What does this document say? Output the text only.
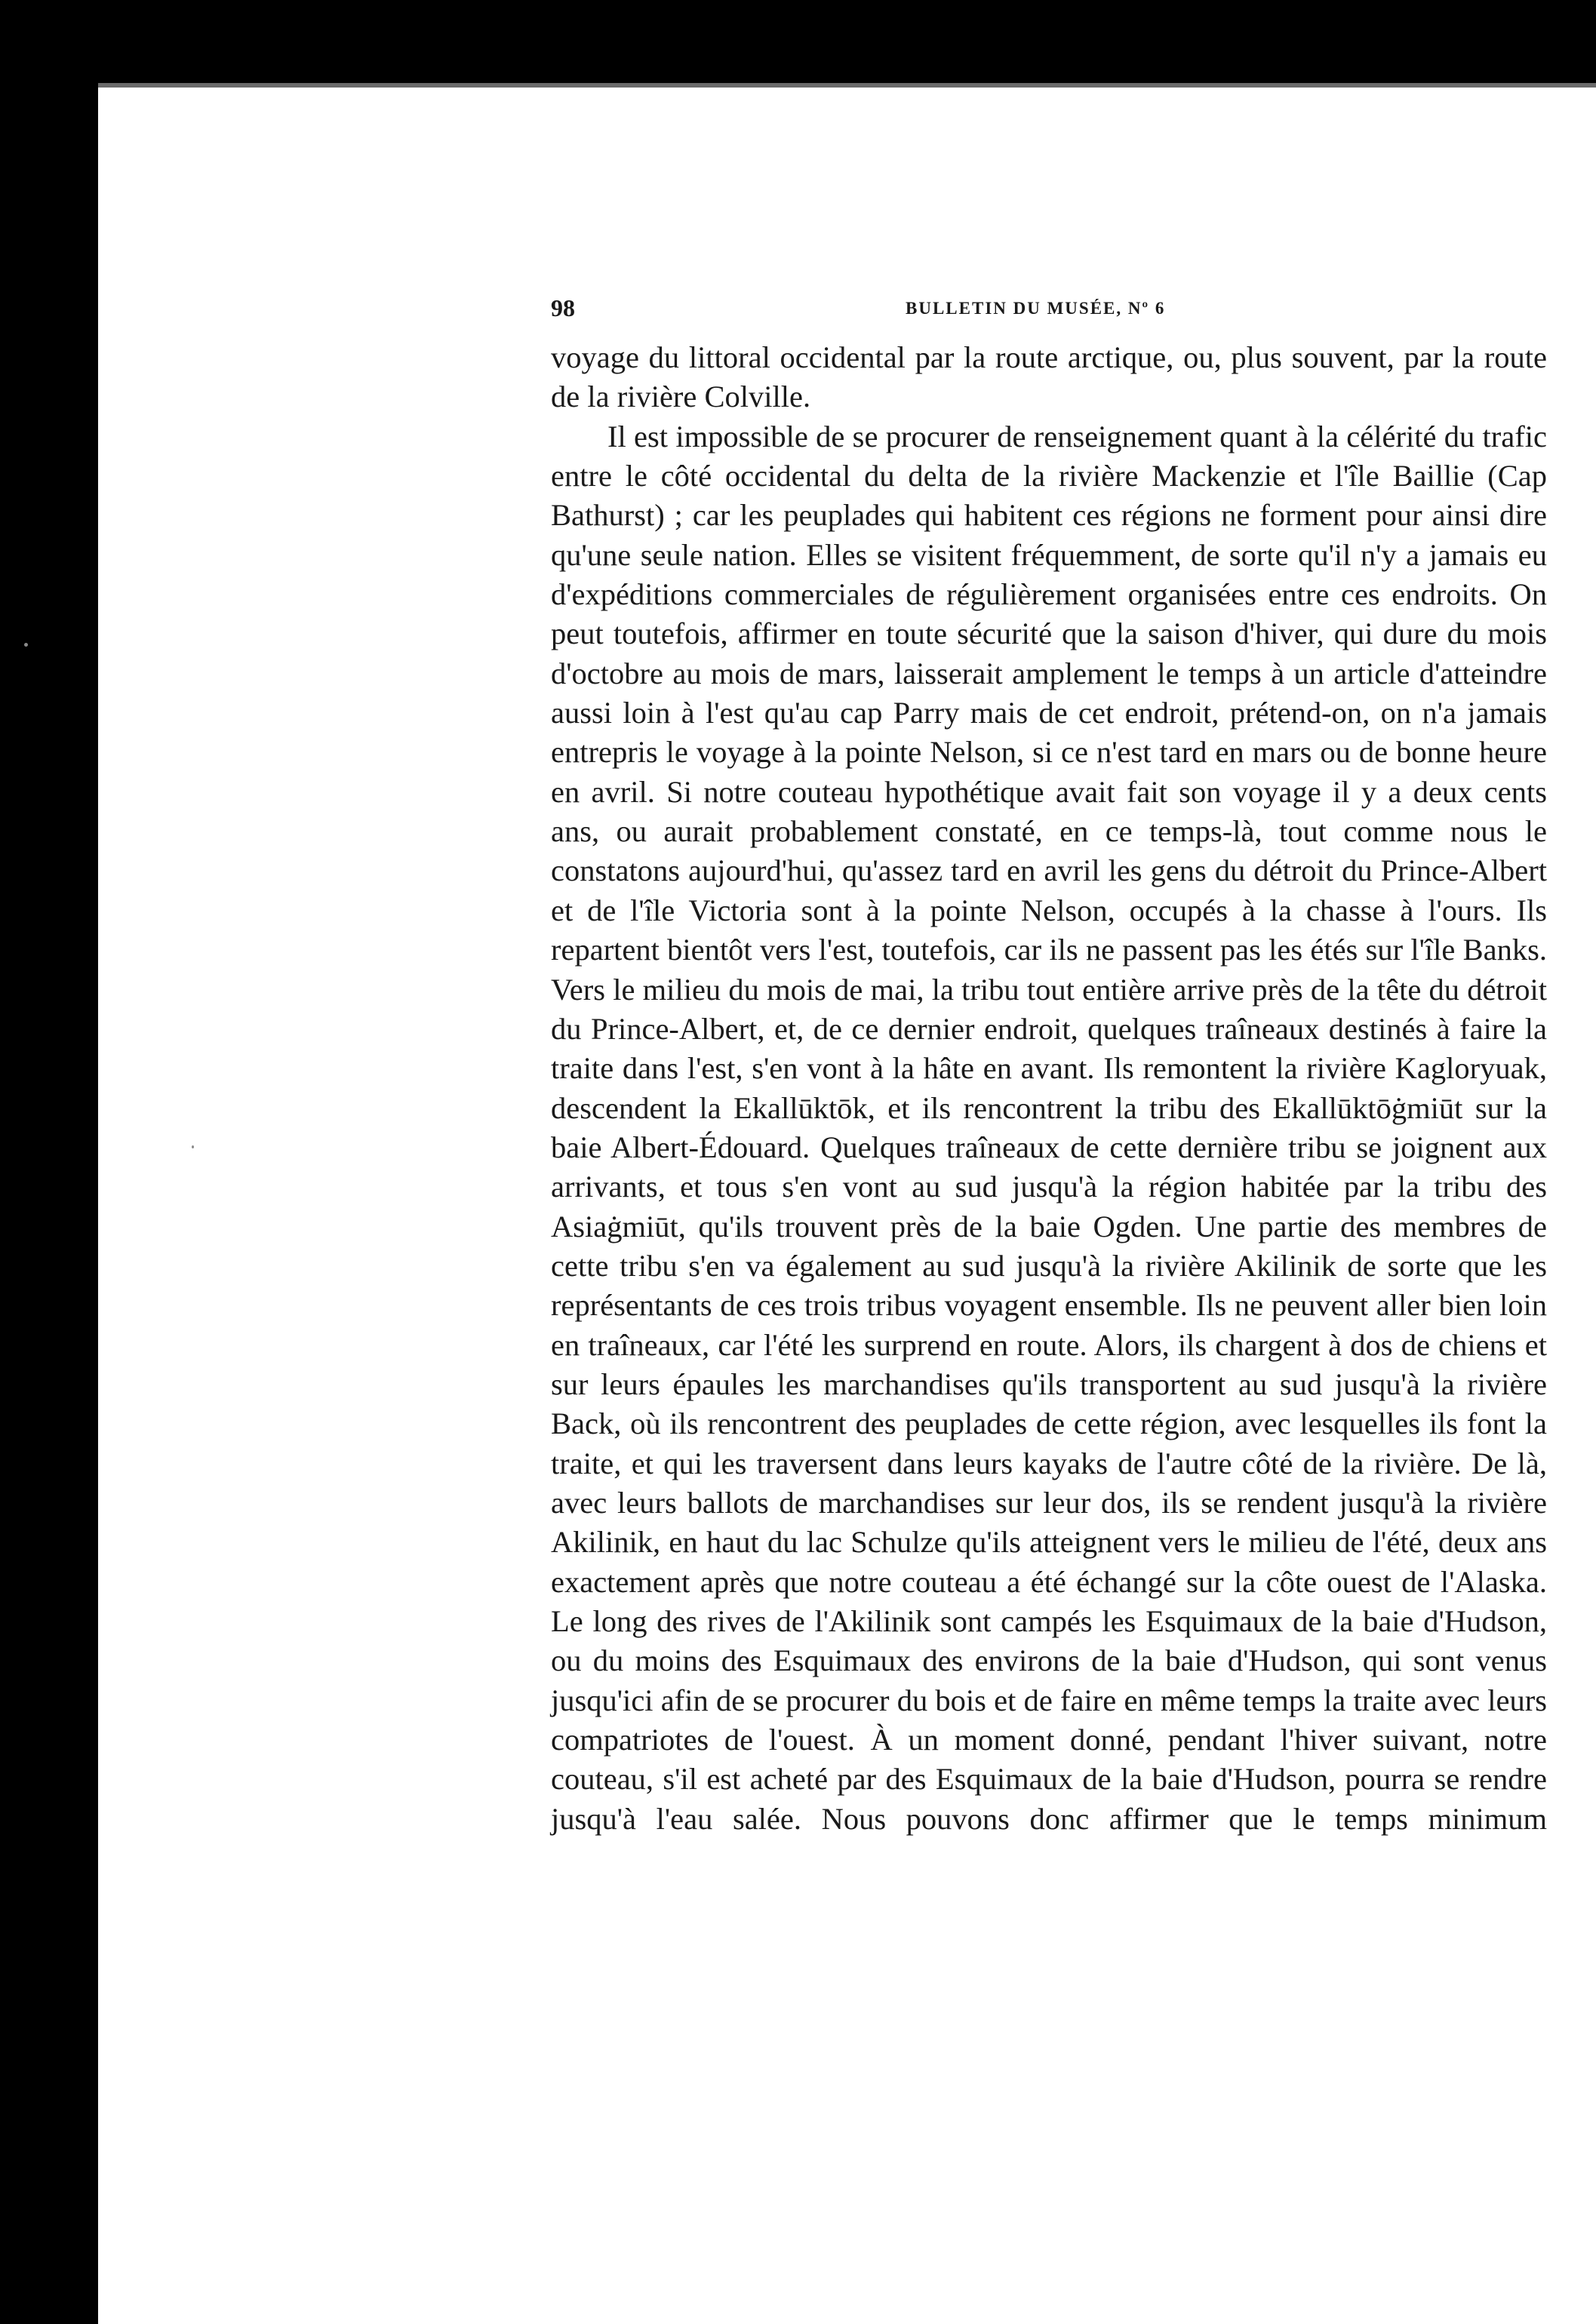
98	BULLETIN DU MUSÉE, Nº 6

voyage du littoral occidental par la route arctique, ou, plus souvent, par la route de la rivière Colville.

Il est impossible de se procurer de renseignement quant à la célérité du trafic entre le côté occidental du delta de la rivière Mackenzie et l'île Baillie (Cap Bathurst) ; car les peuplades qui habitent ces régions ne forment pour ainsi dire qu'une seule nation. Elles se visitent fréquemment, de sorte qu'il n'y a jamais eu d'expéditions commerciales de régulièrement organisées entre ces endroits. On peut toutefois, affirmer en toute sécurité que la saison d'hiver, qui dure du mois d'octobre au mois de mars, laisserait amplement le temps à un article d'atteindre aussi loin à l'est qu'au cap Parry mais de cet endroit, prétend-on, on n'a jamais entrepris le voyage à la pointe Nelson, si ce n'est tard en mars ou de bonne heure en avril. Si notre couteau hypothétique avait fait son voyage il y a deux cents ans, ou aurait probablement constaté, en ce temps-là, tout comme nous le constatons aujourd'hui, qu'assez tard en avril les gens du détroit du Prince-Albert et de l'île Victoria sont à la pointe Nelson, occupés à la chasse à l'ours. Ils repartent bientôt vers l'est, toutefois, car ils ne passent pas les étés sur l'île Banks. Vers le milieu du mois de mai, la tribu tout entière arrive près de la tête du détroit du Prince-Albert, et, de ce dernier endroit, quelques traîneaux destinés à faire la traite dans l'est, s'en vont à la hâte en avant. Ils remontent la rivière Kagloryuak, descendent la Ekallūktōk, et ils rencontrent la tribu des Ekallūktōġmiūt sur la baie Albert-Édouard. Quelques traîneaux de cette dernière tribu se joignent aux arrivants, et tous s'en vont au sud jusqu'à la région habitée par la tribu des Asiaġmiūt, qu'ils trouvent près de la baie Ogden. Une partie des membres de cette tribu s'en va également au sud jusqu'à la rivière Akilinik de sorte que les représentants de ces trois tribus voyagent ensemble. Ils ne peuvent aller bien loin en traîneaux, car l'été les surprend en route. Alors, ils chargent à dos de chiens et sur leurs épaules les marchandises qu'ils transportent au sud jusqu'à la rivière Back, où ils rencontrent des peuplades de cette région, avec lesquelles ils font la traite, et qui les traversent dans leurs kayaks de l'autre côté de la rivière. De là, avec leurs ballots de marchandises sur leur dos, ils se rendent jusqu'à la rivière Akilinik, en haut du lac Schulze qu'ils atteignent vers le milieu de l'été, deux ans exactement après que notre couteau a été échangé sur la côte ouest de l'Alaska. Le long des rives de l'Akilinik sont campés les Esquimaux de la baie d'Hudson, ou du moins des Esquimaux des environs de la baie d'Hudson, qui sont venus jusqu'ici afin de se procurer du bois et de faire en même temps la traite avec leurs compatriotes de l'ouest. À un moment donné, pendant l'hiver suivant, notre couteau, s'il est acheté par des Esquimaux de la baie d'Hudson, pourra se rendre jusqu'à l'eau salée. Nous pouvons donc affirmer que le temps minimum
